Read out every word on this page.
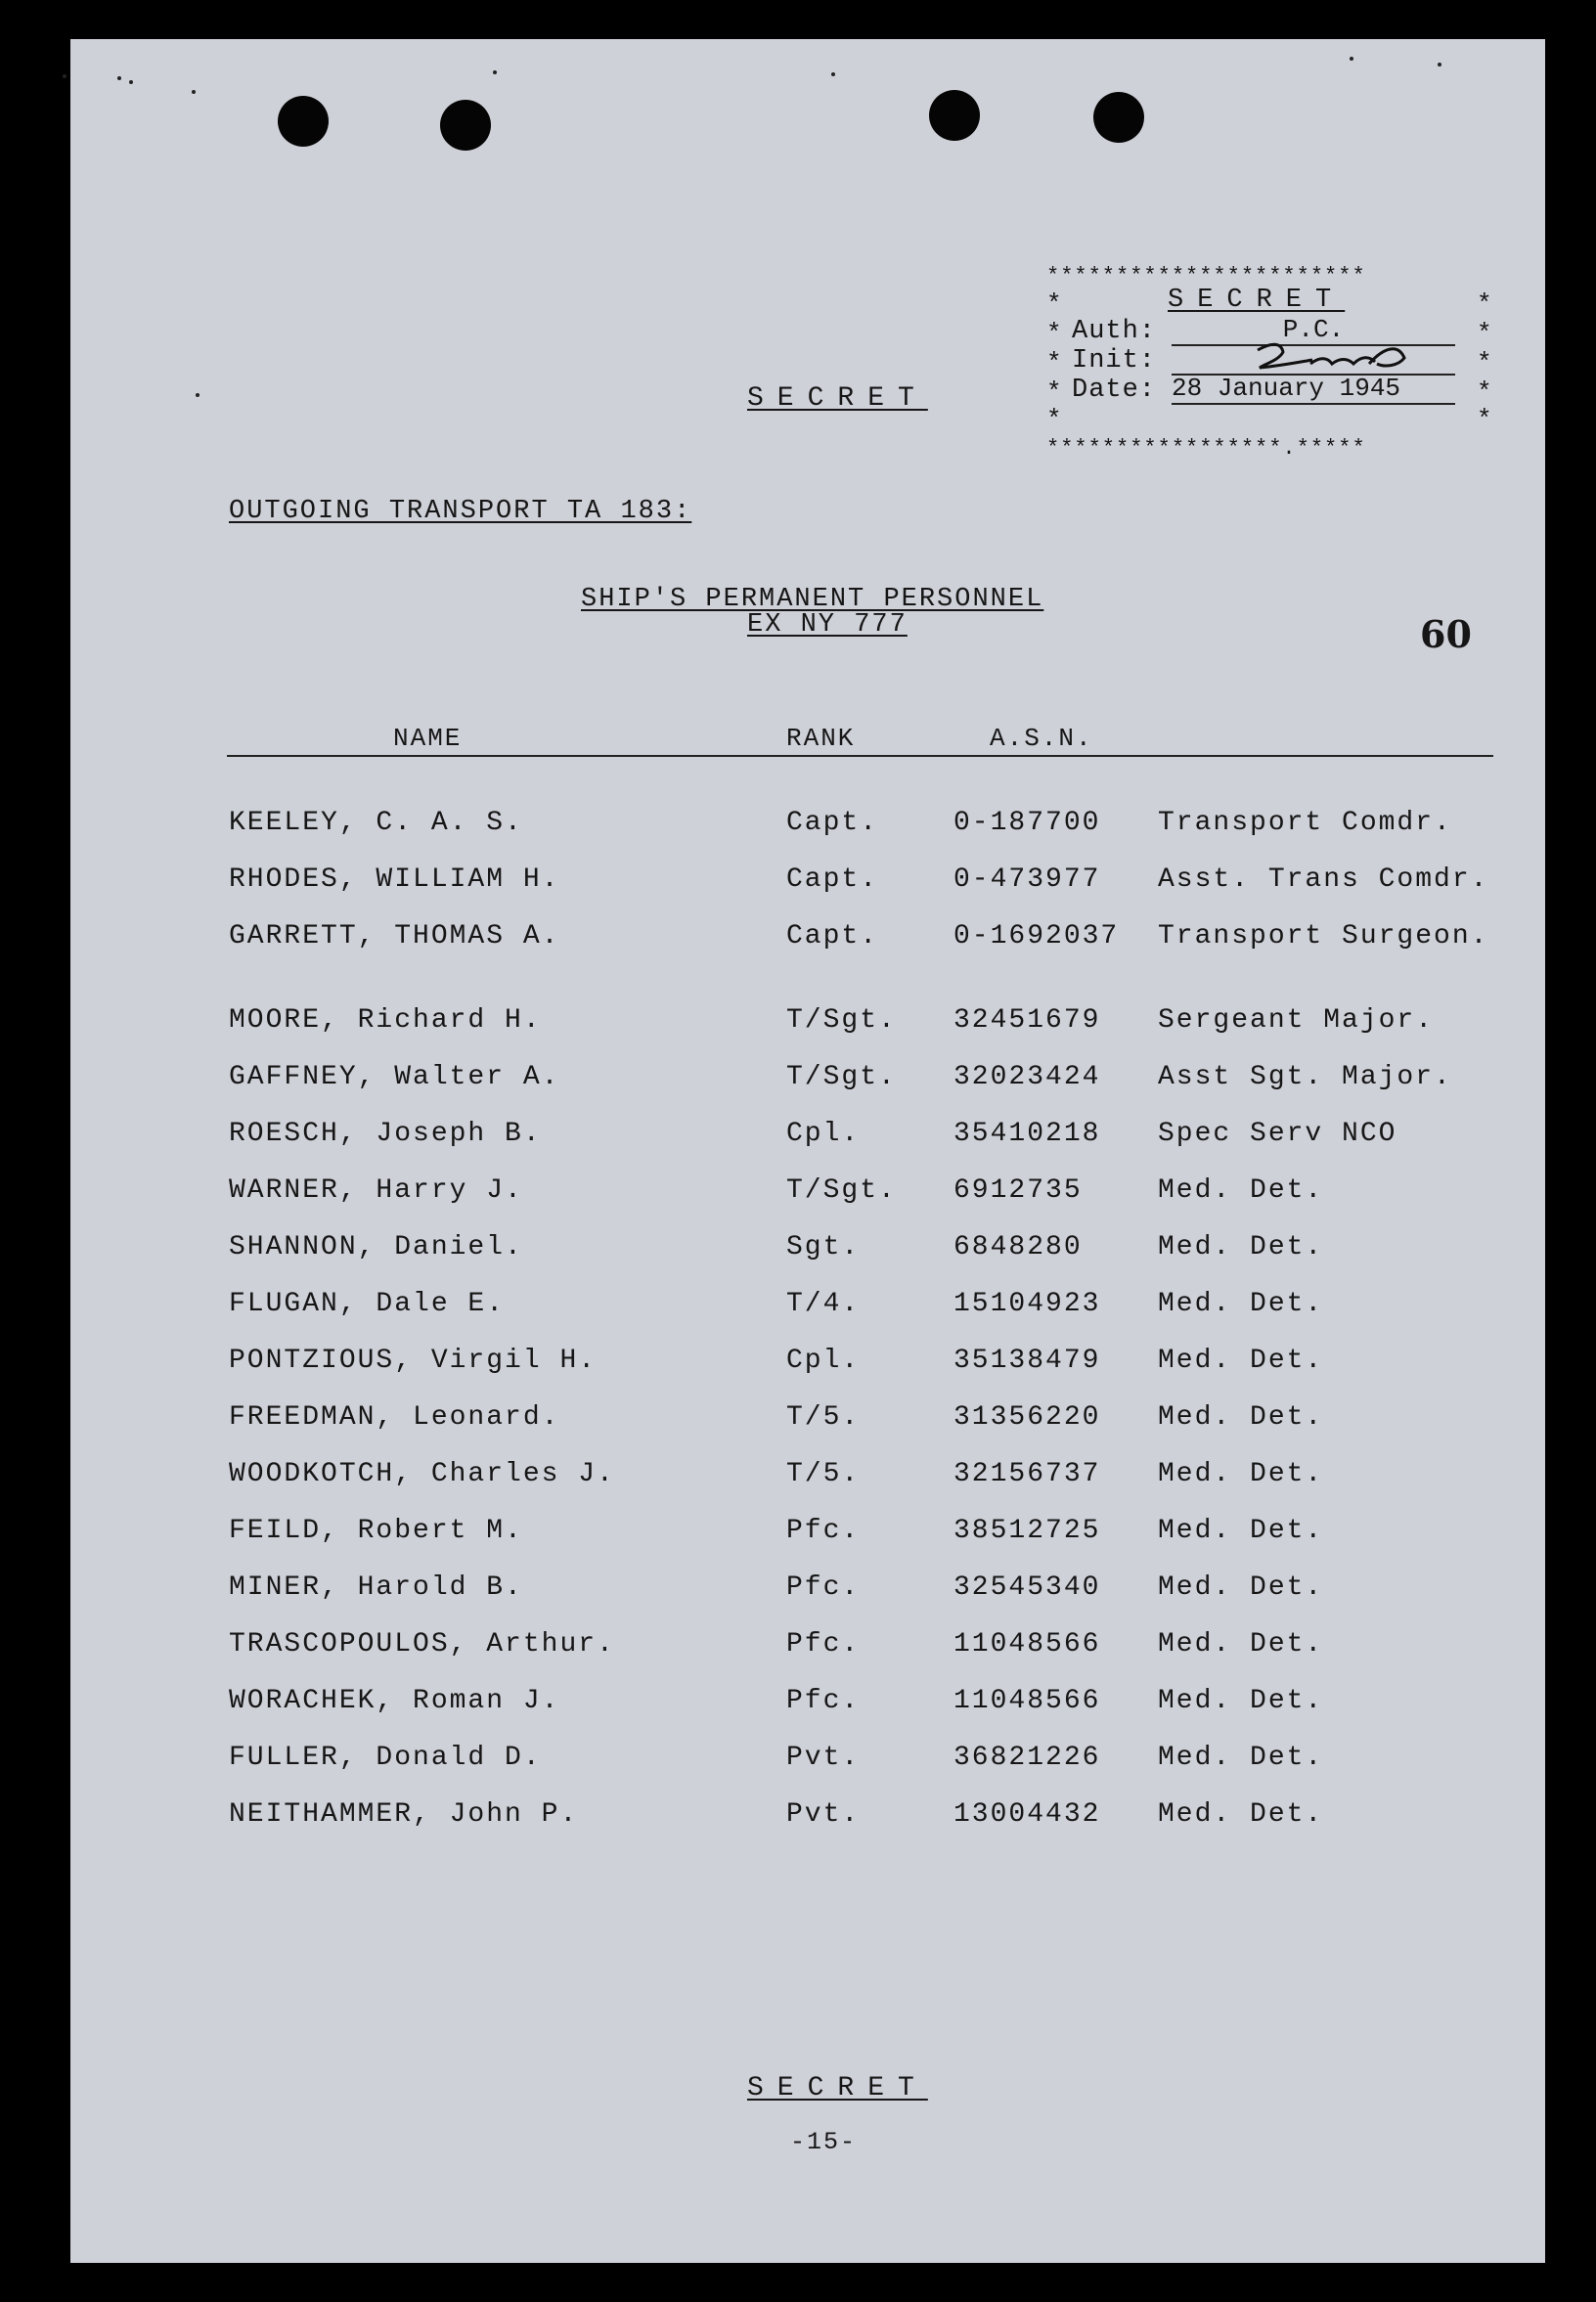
***********************
*
*
*
*
*
*
*
*
*
*
SECRET
Auth:	P.C.
Init:
Date: 28 January 1945
*****************.*****
SECRET
OUTGOING TRANSPORT TA 183:
SHIP'S PERMANENT PERSONNEL
EX NY 777	60
NAME	RANK	A.S.N.
KEELEY, C. A. S.	Capt.	0-187700 Transport Comdr.
RHODES, WILLIAM H.	Capt.	0-473977 Asst. Trans Comdr.
GARRETT, THOMAS A.	Capt.	0-1692037 Transport Surgeon.
MOORE, Richard H.	T/Sgt. 32451679 Sergeant Major.
GAFFNEY, Walter A.	T/Sgt. 32023424 Asst Sgt. Major.
ROESCH, Joseph B.	Cpl.	35410218 Spec Serv NCO
WARNER, Harry J.	T/Sgt. 6912735	Med. Det.
SHANNON, Daniel.	Sgt.	6848280	Med. Det.
FLUGAN, Dale E.	T/4.	15104923 Med. Det.
PONTZIOUS, Virgil H.	Cpl.	35138479 Med. Det.
FREEDMAN, Leonard.	T/5.	31356220 Med. Det.
WOODKOTCH, Charles J.	T/5.	32156737 Med. Det.
FEILD, Robert M.	Pfc.	38512725 Med. Det.
MINER, Harold B.	Pfc.	32545340 Med. Det.
TRASCOPOULOS, Arthur.	Pfc.	11048566 Med. Det.
WORACHEK, Roman J.	Pfc.	11048566 Med. Det.
FULLER, Donald D.	Pvt.	36821226 Med. Det.
NEITHAMMER, John P.	Pvt.	13004432 Med. Det.
SECRET
-15-
